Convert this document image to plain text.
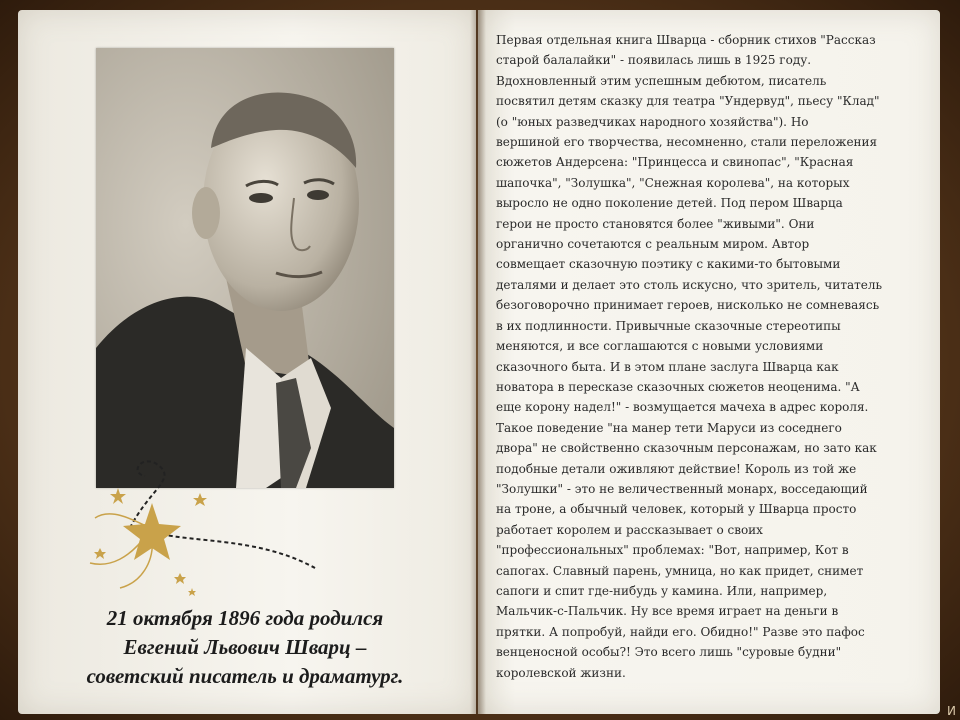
21 октября 1896 года родился
Евгений Львович Шварц –
советский писатель и драматург.

Первая отдельная книга Шварца - сборник стихов "Рассказ
старой балалайки" - появилась лишь в 1925 году.
Вдохновленный этим успешным дебютом, писатель
посвятил детям сказку для театра "Ундервуд", пьесу "Клад"
(о "юных разведчиках народного хозяйства"). Но
вершиной его творчества, несомненно, стали переложения
сюжетов Андерсена: "Принцесса и свинопас", "Красная
шапочка", "Золушка", "Снежная королева", на которых
выросло не одно поколение детей. Под пером Шварца
герои не просто становятся более "живыми". Они
органично сочетаются с реальным миром. Автор
совмещает сказочную поэтику с какими-то бытовыми
деталями и делает это столь искусно, что зритель, читатель
безоговорочно принимает героев, нисколько не сомневаясь
в их подлинности. Привычные сказочные стереотипы
меняются, и все соглашаются с новыми условиями
сказочного быта. И в этом плане заслуга Шварца как
новатора в пересказе сказочных сюжетов неоценима. "А
еще корону надел!" - возмущается мачеха в адрес короля.
Такое поведение "на манер тети Маруси из соседнего
двора" не свойственно сказочным персонажам, но зато как
подобные детали оживляют действие! Король из той же
"Золушки" - это не величественный монарх, восседающий
на троне, а обычный человек, который у Шварца просто
работает королем и рассказывает о своих
"профессиональных" проблемах: "Вот, например, Кот в
сапогах. Славный парень, умница, но как придет, снимет
сапоги и спит где-нибудь у камина. Или, например,
Мальчик-с-Пальчик. Ну все время играет на деньги в
прятки. А попробуй, найди его. Обидно!" Разве это пафос
венценосной особы?! Это всего лишь "суровые будни"
королевской жизни.
И
